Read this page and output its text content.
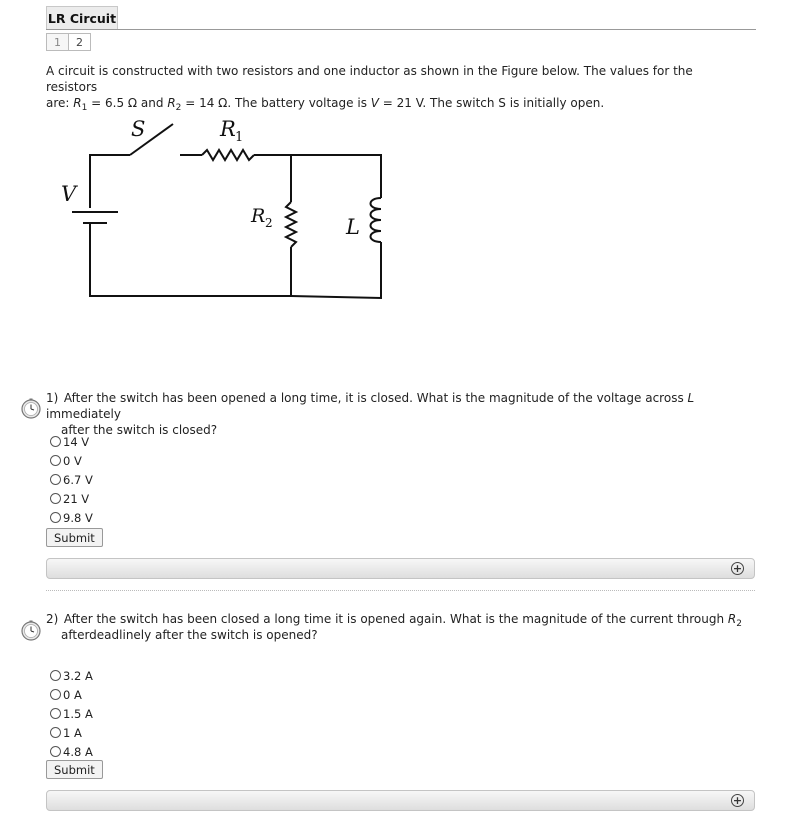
LR Circuit
1	2
A circuit is constructed with two resistors and one inductor as shown in the Figure below. The values for the resistors
are: $R_1 = 6.5$ Ω and $R_2 = 14$ Ω. The battery voltage is V = 21 V. The switch S is initially open.
S	R 1
V
R 2	L
1) After the switch has been opened a long time, it is closed. What is the magnitude of the voltage across L immediately
after the switch is closed?
14 V
0 V
6.7 V
21 V
9.8 V
Submit
+
2) After the switch has been closed a long time it is opened again. What is the magnitude of the current through $R_2$
afterdeadlinely after the switch is opened?
3.2 A
0 A
1.5 A
1 A
4.8 A
Submit
+
